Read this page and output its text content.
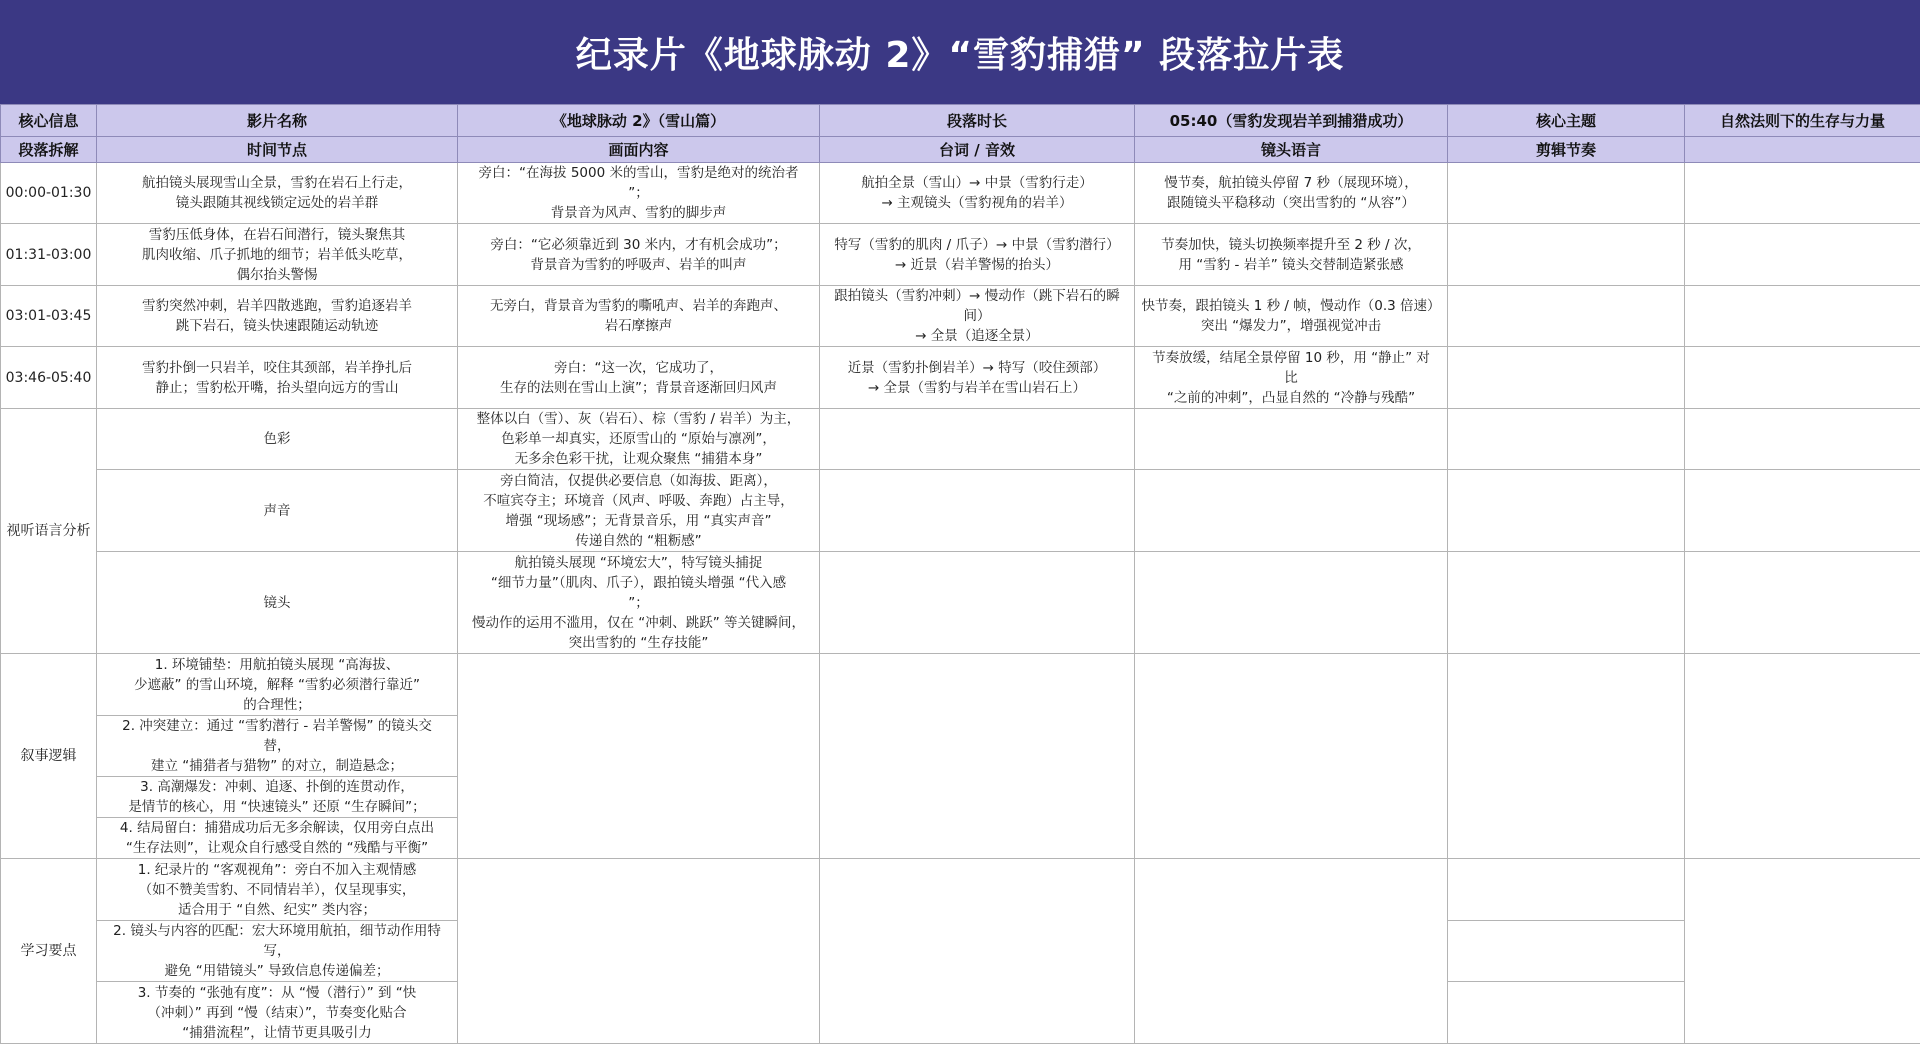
纪录片《地球脉动 2》“雪豹捕猎” 段落拉片表
核心信息	影片名称	《地球脉动 2》（雪山篇）	段落时长	05:40（雪豹发现岩羊到捕猎成功）	核心主题	自然法则下的生存与力量
段落拆解	时间节点	画面内容	台词 / 音效	镜头语言	剪辑节奏	
00:00-01:30	航拍镜头展现雪山全景，雪豹在岩石上行走，
镜头跟随其视线锁定远处的岩羊群	旁白：“在海拔 5000 米的雪山，雪豹是绝对的统治者
”；
背景音为风声、雪豹的脚步声	航拍全景（雪山）→ 中景（雪豹行走）
→ 主观镜头（雪豹视角的岩羊）	慢节奏，航拍镜头停留 7 秒（展现环境），
跟随镜头平稳移动（突出雪豹的 “从容”）		
01:31-03:00	雪豹压低身体，在岩石间潜行，镜头聚焦其
肌肉收缩、爪子抓地的细节；岩羊低头吃草，
偶尔抬头警惕	旁白：“它必须靠近到 30 米内，才有机会成功”；
背景音为雪豹的呼吸声、岩羊的叫声	特写（雪豹的肌肉 / 爪子）→ 中景（雪豹潜行）
→ 近景（岩羊警惕的抬头）	节奏加快，镜头切换频率提升至 2 秒 / 次，
用 “雪豹 - 岩羊” 镜头交替制造紧张感		
03:01-03:45	雪豹突然冲刺，岩羊四散逃跑，雪豹追逐岩羊
跳下岩石，镜头快速跟随运动轨迹	无旁白，背景音为雪豹的嘶吼声、岩羊的奔跑声、
岩石摩擦声	跟拍镜头（雪豹冲刺）→ 慢动作（跳下岩石的瞬
间）
→ 全景（追逐全景）	快节奏，跟拍镜头 1 秒 / 帧，慢动作（0.3 倍速）
突出 “爆发力”，增强视觉冲击		
03:46-05:40	雪豹扑倒一只岩羊，咬住其颈部，岩羊挣扎后
静止；雪豹松开嘴，抬头望向远方的雪山	旁白：“这一次，它成功了，
生存的法则在雪山上演”；背景音逐渐回归风声	近景（雪豹扑倒岩羊）→ 特写（咬住颈部）
→ 全景（雪豹与岩羊在雪山岩石上）	节奏放缓，结尾全景停留 10 秒，用 “静止” 对
比
“之前的冲刺”，凸显自然的 “冷静与残酷”		
视听语言分析	色彩	整体以白（雪）、灰（岩石）、棕（雪豹 / 岩羊）为主，
色彩单一却真实，还原雪山的 “原始与凛冽”，
无多余色彩干扰，让观众聚焦 “捕猎本身”				
	声音	旁白简洁，仅提供必要信息（如海拔、距离），
不喧宾夺主；环境音（风声、呼吸、奔跑）占主导，
增强 “现场感”；无背景音乐，用 “真实声音”
传递自然的 “粗粝感”				
	镜头	航拍镜头展现 “环境宏大”，特写镜头捕捉
“细节力量”（肌肉、爪子），跟拍镜头增强 “代入感
”；
慢动作的运用不滥用，仅在 “冲刺、跳跃” 等关键瞬间，
突出雪豹的 “生存技能”				
叙事逻辑	1. 环境铺垫：用航拍镜头展现 “高海拔、
少遮蔽” 的雪山环境，解释 “雪豹必须潜行靠近”
的合理性；					
	2. 冲突建立：通过 “雪豹潜行 - 岩羊警惕” 的镜头交
替，
建立 “捕猎者与猎物” 的对立，制造悬念；					
	3. 高潮爆发：冲刺、追逐、扑倒的连贯动作，
是情节的核心，用 “快速镜头” 还原 “生存瞬间”；					
	4. 结局留白：捕猎成功后无多余解读，仅用旁白点出
“生存法则”，让观众自行感受自然的 “残酷与平衡”					
学习要点	1. 纪录片的 “客观视角”：旁白不加入主观情感
（如不赞美雪豹、不同情岩羊），仅呈现事实，
适合用于 “自然、纪实” 类内容；					
	2. 镜头与内容的匹配：宏大环境用航拍，细节动作用特
写，
避免 “用错镜头” 导致信息传递偏差；					
	3. 节奏的 “张弛有度”：从 “慢（潜行）” 到 “快
（冲刺）” 再到 “慢（结束）”，节奏变化贴合
“捕猎流程”，让情节更具吸引力					
